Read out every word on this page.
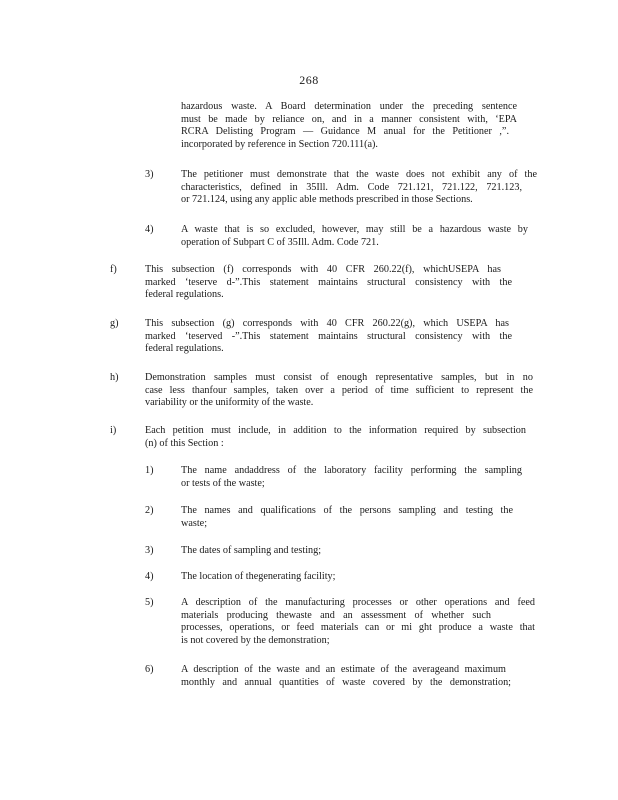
268
hazardous waste. A Board determination under the preceding sentence
must be made by reliance on, and in a manner consistent with, ‘EPA
RCRA Delisting Program — Guidance M anual for the Petitioner ,”.
incorporated by reference in Section 720.111(a).
3)	The petitioner must demonstrate that the waste does not exhibit any of the
characteristics, defined in 35Ill. Adm. Code 721.121, 721.122, 721.123,
or 721.124, using any applic able methods prescribed in those Sections.
4)	A waste that is so excluded, however, may still be a hazardous waste by
operation of Subpart C of 35Ill. Adm. Code 721.
f)	This subsection (f) corresponds with 40 CFR 260.22(f), whichUSEPA has
marked ‘teserve d-”.This statement maintains structural consistency with the
federal regulations.
g)	This subsection (g) corresponds with 40 CFR 260.22(g), which USEPA has
marked ‘teserved -”.This statement maintains structural consistency with the
federal regulations.
h)	Demonstration samples must consist of enough representative samples, but in no
case less thanfour samples, taken over a period of time sufficient to represent the
variability or the uniformity of the waste.
i)	Each petition must include, in addition to the information required by subsection
(n) of this Section :
1)	The name andaddress of the laboratory facility performing the sampling
or tests of the waste;
2)	The names and qualifications of the persons sampling and testing the
waste;
3)	The dates of sampling and testing;
4)	The location of thegenerating facility;
5)	A description of the manufacturing processes or other operations and feed
materials producing thewaste and an assessment of whether such
processes, operations, or feed materials can or mi ght produce a waste that
is not covered by the demonstration;
6)	A description of the waste and an estimate of the averageand maximum
monthly and annual quantities of waste covered by the demonstration;
